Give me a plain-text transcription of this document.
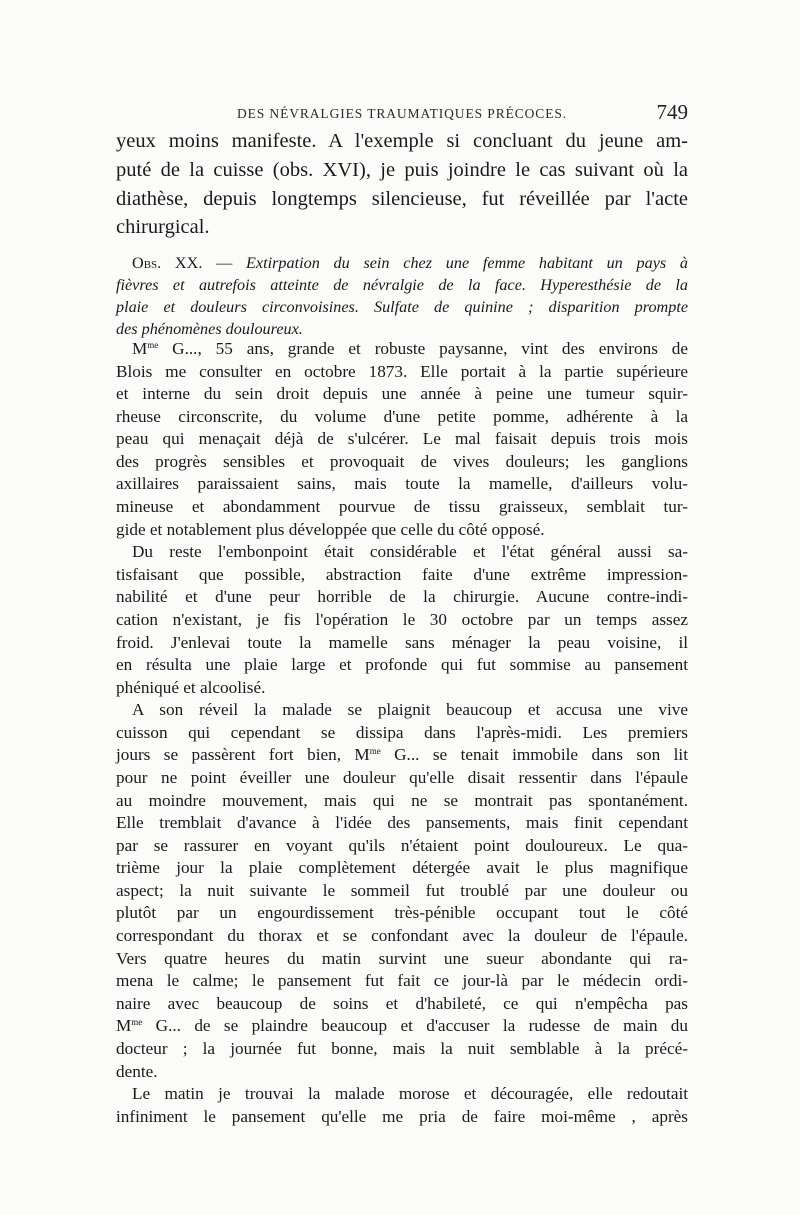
DES NÉVRALGIES TRAUMATIQUES PRÉCOCES.	749
yeux moins manifeste. A l'exemple si concluant du jeune am-
puté de la cuisse (obs. XVI), je puis joindre le cas suivant où la
diathèse, depuis longtemps silencieuse, fut réveillée par l'acte
chirurgical.
Obs. XX. — Extirpation du sein chez une femme habitant un pays à
fièvres et autrefois atteinte de névralgie de la face. Hyperesthésie de la
plaie et douleurs circonvoisines. Sulfate de quinine ; disparition prompte
des phénomènes douloureux.
$M^{me}$ G..., 55 ans, grande et robuste paysanne, vint des environs de
Blois me consulter en octobre 1873. Elle portait à la partie supérieure
et interne du sein droit depuis une année à peine une tumeur squir-
rheuse circonscrite, du volume d'une petite pomme, adhérente à la
peau qui menaçait déjà de s'ulcérer. Le mal faisait depuis trois mois
des progrès sensibles et provoquait de vives douleurs; les ganglions
axillaires paraissaient sains, mais toute la mamelle, d'ailleurs volu-
mineuse et abondamment pourvue de tissu graisseux, semblait tur-
gide et notablement plus développée que celle du côté opposé.
Du reste l'embonpoint était considérable et l'état général aussi sa-
tisfaisant que possible, abstraction faite d'une extrême impression-
nabilité et d'une peur horrible de la chirurgie. Aucune contre-indi-
cation n'existant, je fis l'opération le 30 octobre par un temps assez
froid. J'enlevai toute la mamelle sans ménager la peau voisine, il
en résulta une plaie large et profonde qui fut sommise au pansement
phéniqué et alcoolisé.
A son réveil la malade se plaignit beaucoup et accusa une vive
cuisson qui cependant se dissipa dans l'après-midi. Les premiers
jours se passèrent fort bien, $M^{me}$ G... se tenait immobile dans son lit
pour ne point éveiller une douleur qu'elle disait ressentir dans l'épaule
au moindre mouvement, mais qui ne se montrait pas spontanément.
Elle tremblait d'avance à l'idée des pansements, mais finit cependant
par se rassurer en voyant qu'ils n'étaient point douloureux. Le qua-
trième jour la plaie complètement détergée avait le plus magnifique
aspect; la nuit suivante le sommeil fut troublé par une douleur ou
plutôt par un engourdissement très-pénible occupant tout le côté
correspondant du thorax et se confondant avec la douleur de l'épaule.
Vers quatre heures du matin survint une sueur abondante qui ra-
mena le calme; le pansement fut fait ce jour-là par le médecin ordi-
naire avec beaucoup de soins et d'habileté, ce qui n'empêcha pas
$M^{me}$ G... de se plaindre beaucoup et d'accuser la rudesse de main du
docteur ; la journée fut bonne, mais la nuit semblable à la précé-
dente.
Le matin je trouvai la malade morose et découragée, elle redoutait
infiniment le pansement qu'elle me pria de faire moi-même , après
